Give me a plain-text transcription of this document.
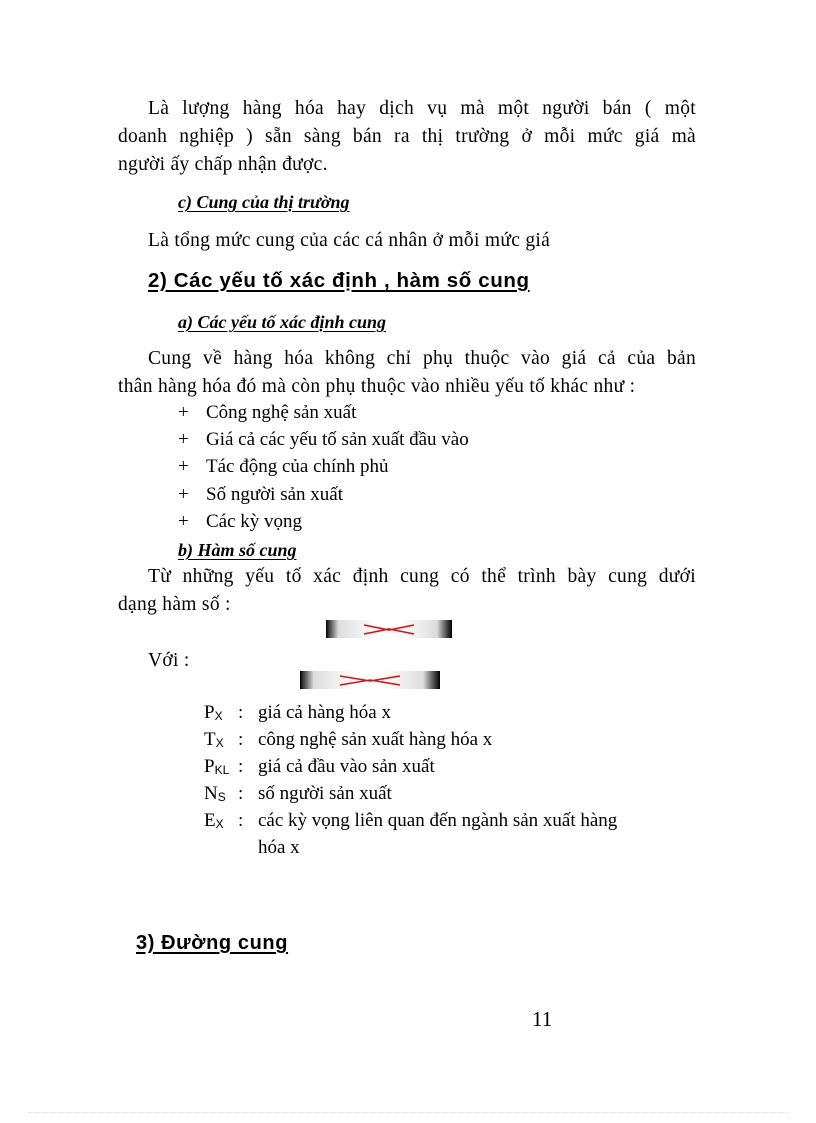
Là lượng hàng hóa hay dịch vụ mà một người bán ( một
doanh nghiệp ) sẵn sàng bán ra thị trường ở mỗi mức giá mà
người ấy chấp nhận được.
c) Cung của thị trường
Là tổng mức cung của các cá nhân ở mỗi mức giá
2) Các yếu tố xác định , hàm số cung
a) Các yếu tố xác định cung
Cung về hàng hóa không chỉ phụ thuộc vào giá cả của bản
thân hàng hóa đó mà còn phụ thuộc vào nhiều yếu tố khác như :
+ Công nghệ sản xuất
+ Giá cả các yếu tố sản xuất đầu vào
+ Tác động của chính phủ
+ Số người sản xuất
+ Các kỳ vọng
b) Hàm số cung
Từ những yếu tố xác định cung có thể trình bày cung dưới
dạng hàm số :
Với :
$P_X$ : giá cả hàng hóa x
$T_X$ : công nghệ sản xuất hàng hóa x
$P_{KL}$ : giá cả đầu vào sản xuất
$N_S$ : số người sản xuất
$E_X$ : các kỳ vọng liên quan đến ngành sản xuất hàng
hóa x
3) Đường cung
11
